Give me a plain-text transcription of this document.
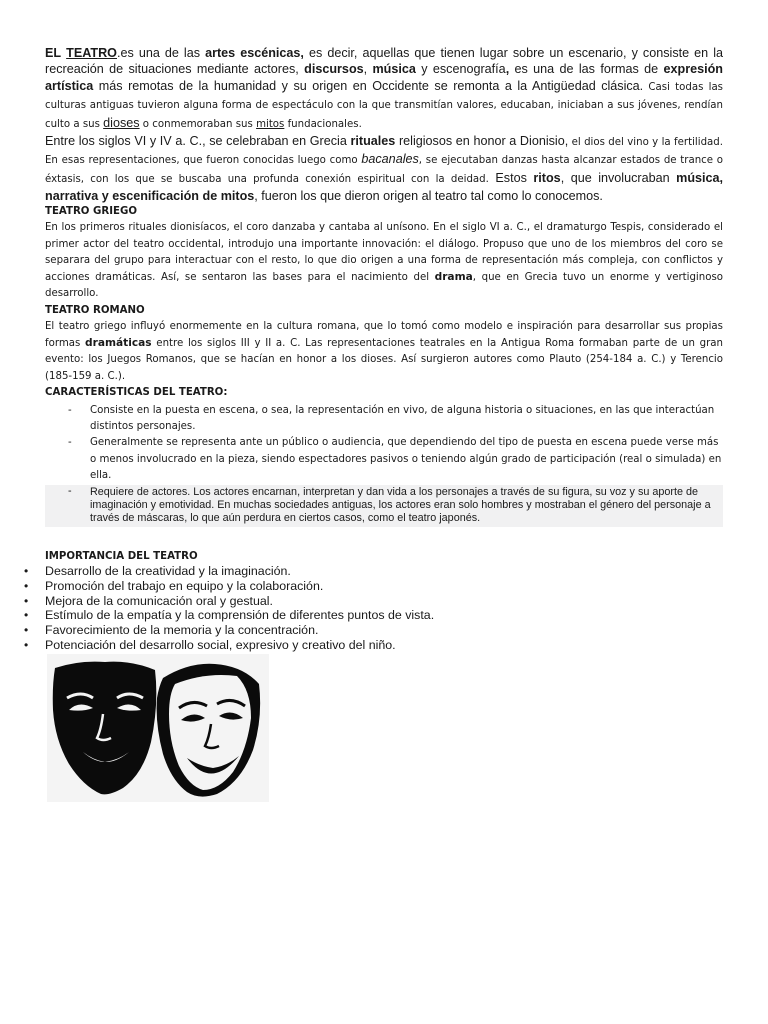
EL TEATRO.es una de las artes escénicas, es decir, aquellas que tienen lugar sobre un escenario, y consiste en la recreación de situaciones mediante actores, discursos, música y escenografía, es una de las formas de expresión artística más remotas de la humanidad y su origen en Occidente se remonta a la Antigüedad clásica. Casi todas las culturas antiguas tuvieron alguna forma de espectáculo con la que transmitían valores, educaban, iniciaban a sus jóvenes, rendían culto a sus dioses o conmemoraban sus mitos fundacionales.

Entre los siglos VI y IV a. C., se celebraban en Grecia rituales religiosos en honor a Dionisio, el dios del vino y la fertilidad. En esas representaciones, que fueron conocidas luego como bacanales, se ejecutaban danzas hasta alcanzar estados de trance o éxtasis, con los que se buscaba una profunda conexión espiritual con la deidad. Estos ritos, que involucraban música, narrativa y escenificación de mitos, fueron los que dieron origen al teatro tal como lo conocemos.

TEATRO GRIEGO

En los primeros rituales dionisíacos, el coro danzaba y cantaba al unísono. En el siglo VI a. C., el dramaturgo Tespis, considerado el primer actor del teatro occidental, introdujo una importante innovación: el diálogo. Propuso que uno de los miembros del coro se separara del grupo para interactuar con el resto, lo que dio origen a una forma de representación más compleja, con conflictos y acciones dramáticas. Así, se sentaron las bases para el nacimiento del drama, que en Grecia tuvo un enorme y vertiginoso desarrollo.

TEATRO ROMANO

El teatro griego influyó enormemente en la cultura romana, que lo tomó como modelo e inspiración para desarrollar sus propias formas dramáticas entre los siglos III y II a. C. Las representaciones teatrales en la Antigua Roma formaban parte de un gran evento: los Juegos Romanos, que se hacían en honor a los dioses. Así surgieron autores como Plauto (254-184 a. C.) y Terencio (185-159 a. C.).

CARACTERÍSTICAS DEL TEATRO:

- Consiste en la puesta en escena, o sea, la representación en vivo, de alguna historia o situaciones, en las que interactúan distintos personajes.
- Generalmente se representa ante un público o audiencia, que dependiendo del tipo de puesta en escena puede verse más o menos involucrado en la pieza, siendo espectadores pasivos o teniendo algún grado de participación (real o simulada) en ella.
- Requiere de actores. Los actores encarnan, interpretan y dan vida a los personajes a través de su figura, su voz y su aporte de imaginación y emotividad. En muchas sociedades antiguas, los actores eran solo hombres y mostraban el género del personaje a través de máscaras, lo que aún perdura en ciertos casos, como el teatro japonés.

IMPORTANCIA DEL TEATRO

• Desarrollo de la creatividad y la imaginación.
• Promoción del trabajo en equipo y la colaboración.
• Mejora de la comunicación oral y gestual.
• Estímulo de la empatía y la comprensión de diferentes puntos de vista.
• Favorecimiento de la memoria y la concentración.
• Potenciación del desarrollo social, expresivo y creativo del niño.
